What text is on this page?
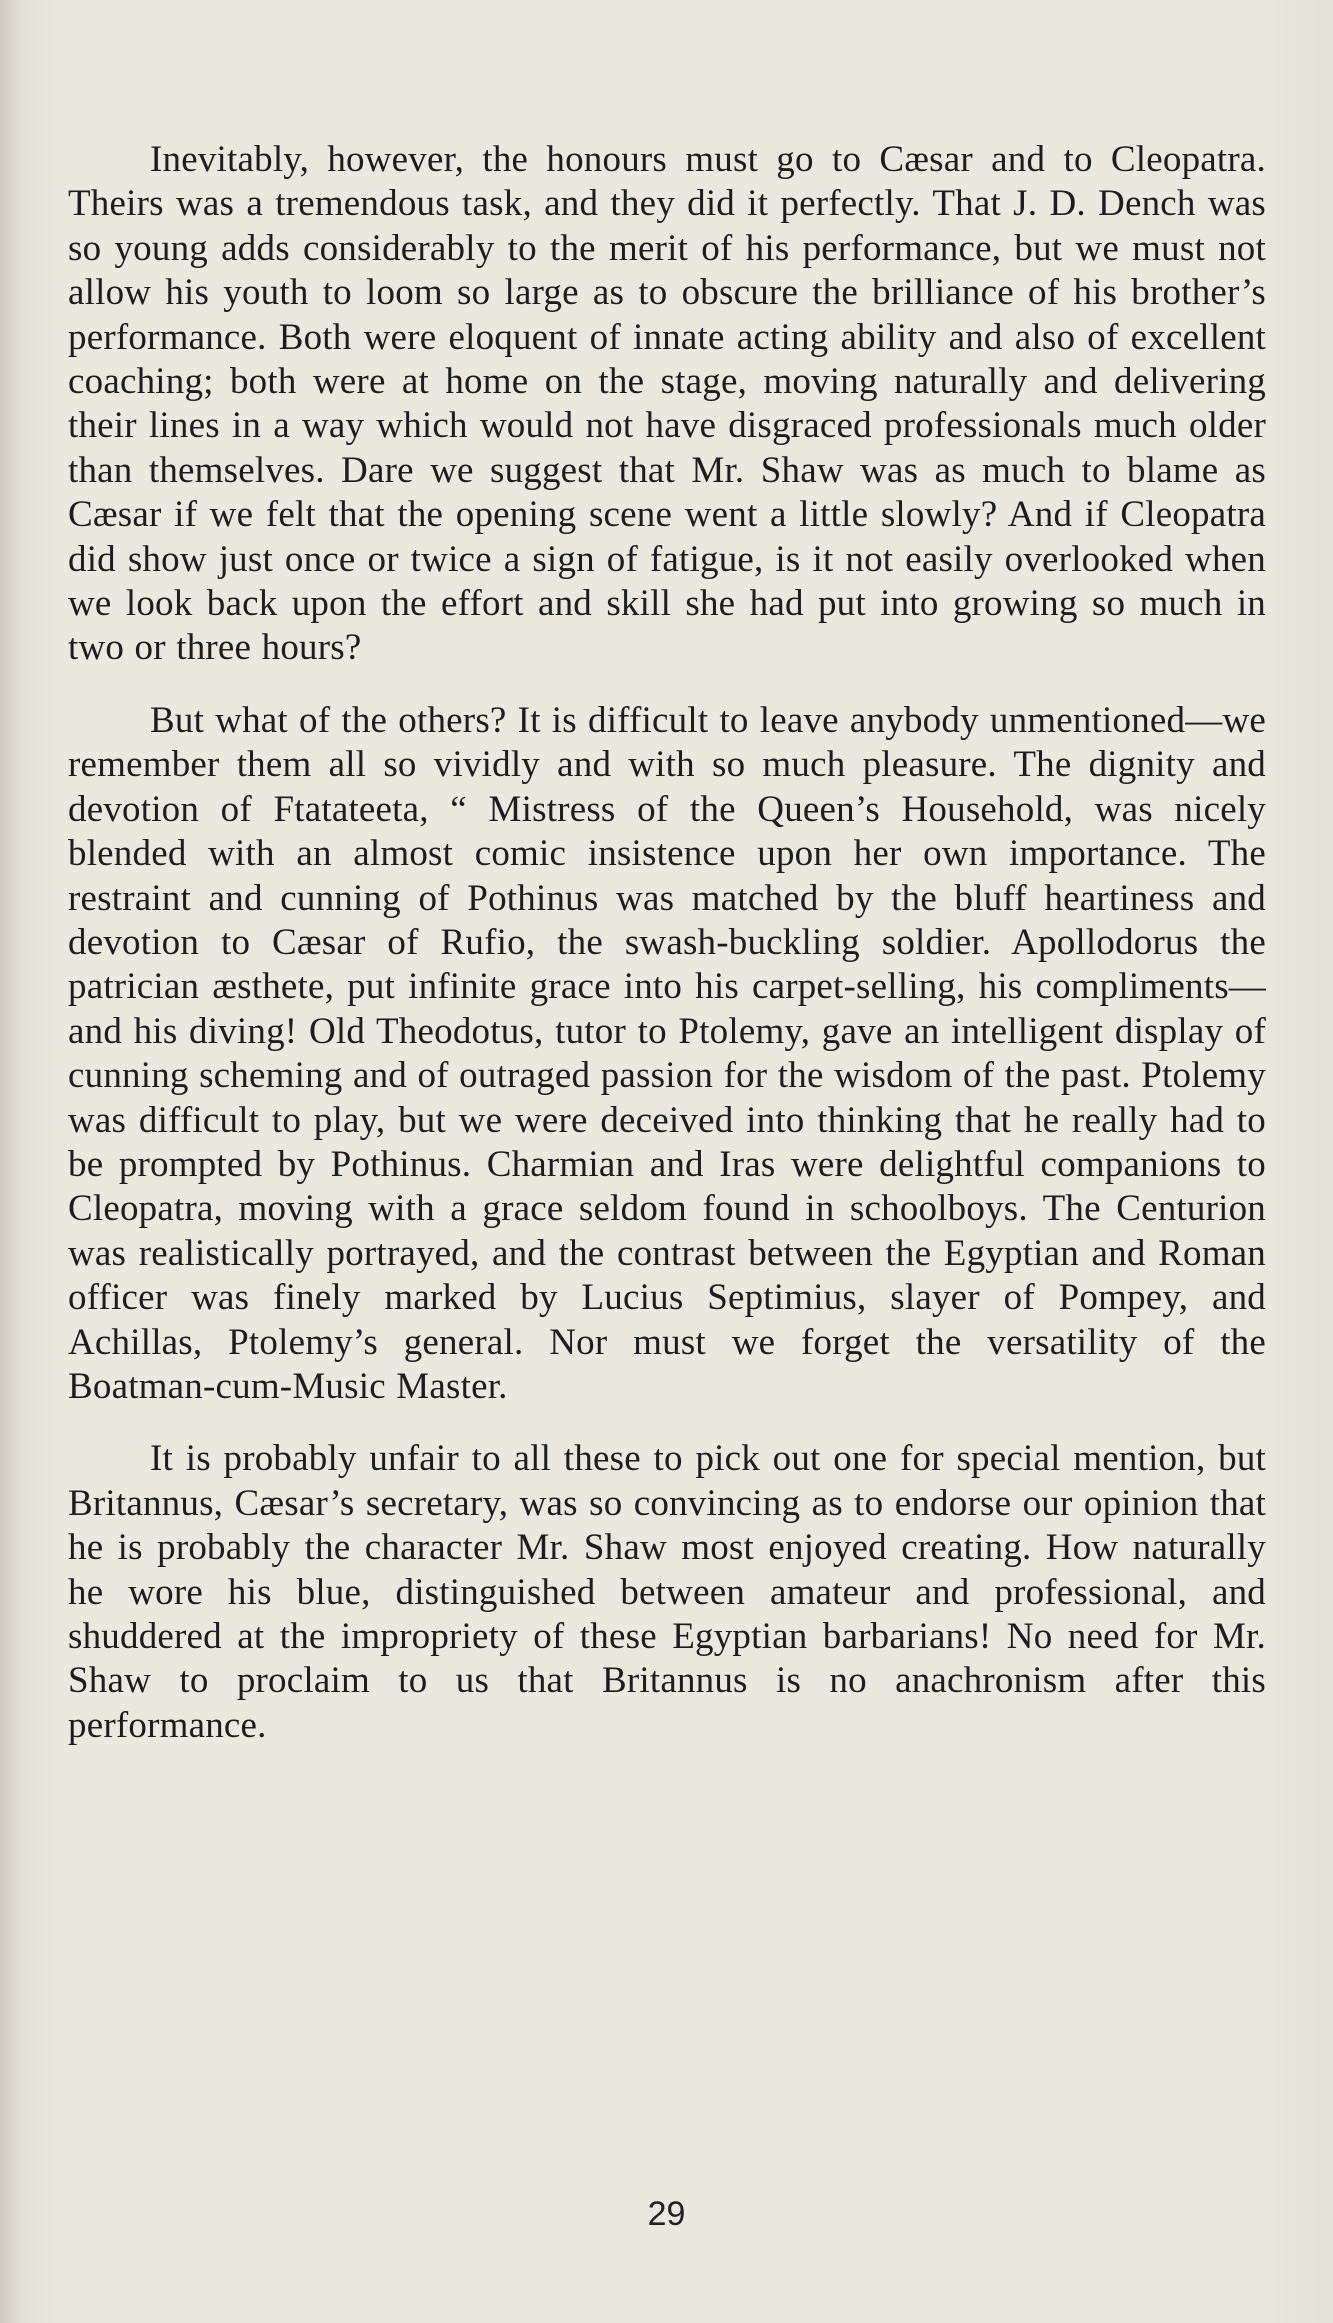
Inevitably, however, the honours must go to Cæsar and to Cleopatra. Theirs was a tremendous task, and they did it perfectly. That J. D. Dench was so young adds considerably to the merit of his performance, but we must not allow his youth to loom so large as to obscure the brilliance of his brother’s performance. Both were eloquent of innate acting ability and also of excellent coaching; both were at home on the stage, moving naturally and delivering their lines in a way which would not have disgraced professionals much older than themselves. Dare we suggest that Mr. Shaw was as much to blame as Cæsar if we felt that the opening scene went a little slowly? And if Cleopatra did show just once or twice a sign of fatigue, is it not easily overlooked when we look back upon the effort and skill she had put into growing so much in two or three hours?

But what of the others? It is difficult to leave anybody unmentioned—we remember them all so vividly and with so much pleasure. The dignity and devotion of Ftatateeta, “ Mistress of the Queen’s Household, was nicely blended with an almost comic insistence upon her own importance. The restraint and cunning of Pothinus was matched by the bluff heartiness and devotion to Cæsar of Rufio, the swash-buckling soldier. Apollodorus the patrician æsthete, put infinite grace into his carpet-selling, his compliments—and his diving! Old Theodotus, tutor to Ptolemy, gave an intelligent display of cunning scheming and of outraged passion for the wisdom of the past. Ptolemy was difficult to play, but we were deceived into thinking that he really had to be prompted by Pothinus. Charmian and Iras were delightful companions to Cleopatra, moving with a grace seldom found in schoolboys. The Centurion was realistically portrayed, and the contrast between the Egyptian and Roman officer was finely marked by Lucius Septimius, slayer of Pompey, and Achillas, Ptolemy’s general. Nor must we forget the versatility of the Boatman-cum-Music Master.

It is probably unfair to all these to pick out one for special mention, but Britannus, Cæsar’s secretary, was so convincing as to endorse our opinion that he is probably the character Mr. Shaw most enjoyed creating. How naturally he wore his blue, distinguished between amateur and professional, and shuddered at the impropriety of these Egyptian barbarians! No need for Mr. Shaw to proclaim to us that Britannus is no anachronism after this performance.

29
